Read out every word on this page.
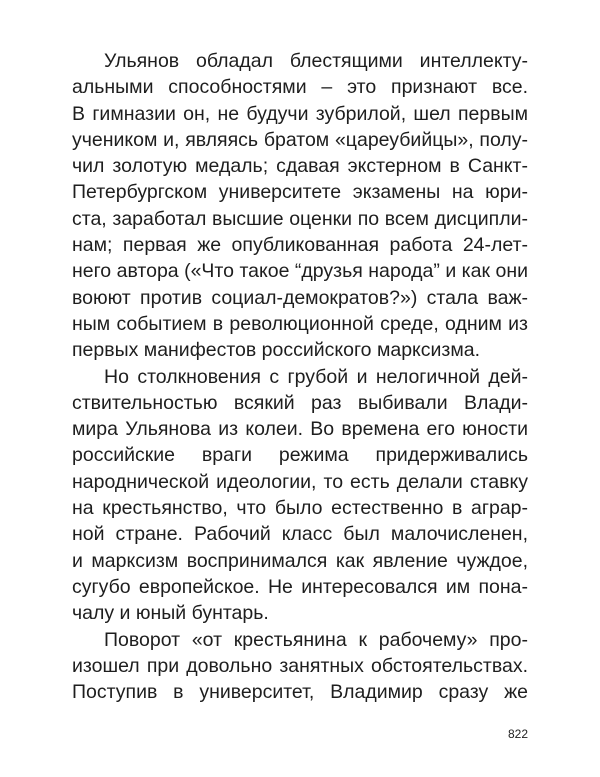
Ульянов обладал блестящими интеллекту-
альными способностями – это признают все.
В гимназии он, не будучи зубрилой, шел первым
учеником и, являясь братом «цареубийцы», полу-
чил золотую медаль; сдавая экстерном в Санкт-
Петербургском университете экзамены на юри-
ста, заработал высшие оценки по всем дисципли-
нам; первая же опубликованная работа 24-лет-
него автора («Что такое “друзья народа” и как они
воюют против социал-демократов?») стала важ-
ным событием в революционной среде, одним из
первых манифестов российского марксизма.
Но столкновения с грубой и нелогичной дей-
ствительностью всякий раз выбивали Влади-
мира Ульянова из колеи. Во времена его юности
российские враги режима придерживались
народнической идеологии, то есть делали ставку
на крестьянство, что было естественно в аграр-
ной стране. Рабочий класс был малочисленен,
и марксизм воспринимался как явление чуждое,
сугубо европейское. Не интересовался им пона-
чалу и юный бунтарь.
Поворот «от крестьянина к рабочему» про-
изошел при довольно занятных обстоятельствах.
Поступив в университет, Владимир сразу же
822
